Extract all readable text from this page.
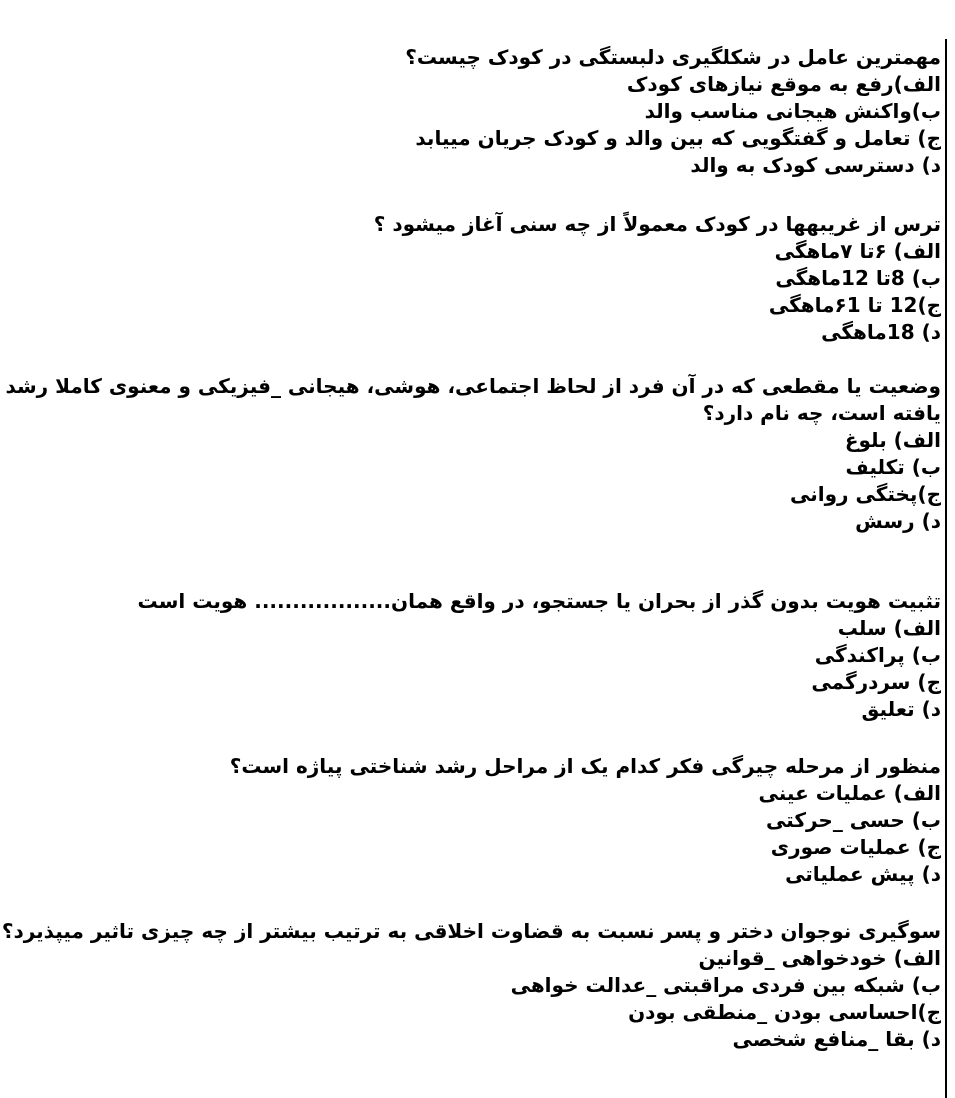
مهمترین عامل در شکلگیری دلبستگی در کودک چیست؟
الف)رفع به موقع نیازهای کودک
ب)واکنش هیجانی مناسب والد
ج) تعامل و گفتگویی که بین والد و کودک جریان مییابد
د) دسترسی کودک به والد
ترس از غریبهها در کودک معمولاً از چه سنی آغاز میشود ؟
الف) ۶تا ۷ماهگی
ب) 8تا 12ماهگی
ج)12 تا ۶1ماهگی
د) 18ماهگی
وضعیت یا مقطعی که در آن فرد از لحاظ اجتماعی، هوشی، هیجانی _فیزیکی و معنوی کاملا رشد
یافته است، چه نام دارد؟
الف) بلوغ
ب) تکلیف
ج)پختگی روانی
د) رسش
تثبیت هویت بدون گذر از بحران یا جستجو، در واقع همان.................. هویت است
الف) سلب
ب) پراکندگی
ج) سردرگمی
د) تعلیق
منظور از مرحله چیرگی فکر کدام یک از مراحل رشد شناختی پیاژه است؟
الف) عملیات عینی
ب) حسی _حرکتی
ج) عملیات صوری
د) پیش عملیاتی
سوگیری نوجوان دختر و پسر نسبت به قضاوت اخلاقی به ترتیب بیشتر از چه چیزی تاثیر میپذیرد؟
الف) خودخواهی _قوانین
ب) شبکه بین فردی مراقبتی _عدالت خواهی
ج)احساسی بودن _منطقی بودن
د) بقا _منافع شخصی
